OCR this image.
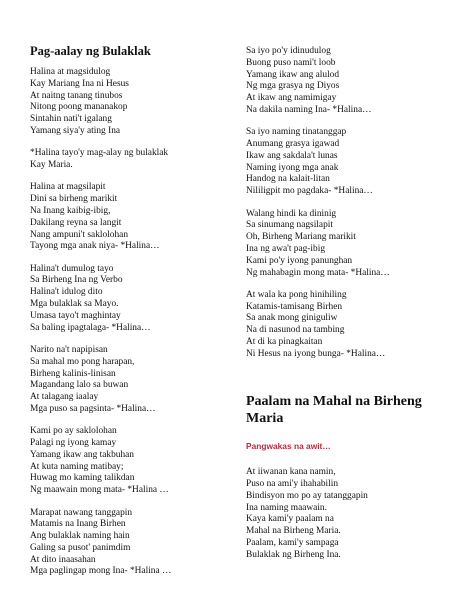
Pag-aalay ng Bulaklak
Halina at magsidulog
Kay Mariang Ina ni Hesus
At naitng tanang tinubos
Nitong poong mananakop
Sintahin nati't igalang
Yamang siya'y ating Ina
*Halina tayo'y mag-alay ng bulaklak
Kay Maria.
Halina at magsilapit
Dini sa birheng marikit
Na Inang kaibig-ibig,
Dakilang reyna sa langit
Nang ampuni't saklolohan
Tayong mga anak niya- *Halina…
Halina't dumulog tayo
Sa Birheng Ina ng Verbo
Halina't idulog dito
Mga bulaklak sa Mayo.
Umasa tayo't maghintay
Sa baling ipagtalaga- *Halina…
Narito na't napipisan
Sa mahal mo pong harapan,
Birheng kalinis-linisan
Magandang lalo sa buwan
At talagang iaalay
Mga puso sa pagsinta- *Halina…
Kami po ay saklolohan
Palagi ng iyong kamay
Yamang ikaw ang takbuhan
At kuta naming matibay;
Huwag mo kaming talikdan
Ng maawain mong mata- *Halina …
Marapat nawang tanggapin
Matamis na Inang Birhen
Ang bulaklak naming hain
Galing sa pusot' panimdim
At dito inaasahan
Mga paglingap mong Ina- *Halina …
Sa iyo po'y idinudulog
Buong puso nami't loob
Yamang ikaw ang alulod
Ng mga grasya ng Diyos
At ikaw ang namimigay
Na dakila naming Ina- *Halina…
Sa iyo naming tinatanggap
Anumang grasya igawad
Ikaw ang sakdala't lunas
Naming iyong mga anak
Handog na kalait-litan
Nililigpit mo pagdaka- *Halina…
Walang hindi ka dininig
Sa sinumang nagsilapit
Oh, Birheng Mariang marikit
Ina ng awa't pag-ibig
Kami po'y iyong panunghan
Ng mahabagin mong mata- *Halina…
At wala ka pong hinihiling
Katamis-tamisang Birhen
Sa anak mong giniguliw
Na di nasunod na tambing
At di ka pinagkaitan
Ni Hesus na iyong bunga- *Halina…
Paalam na Mahal na Birheng Maria
Pangwakas na awit…
At iiwanan kana namin,
Puso na ami'y ihahabilin
Bindisyon mo po ay tatanggapin
Ina naming maawain.
Kaya kami'y paalam na
Mahal na Birheng Maria.
Paalam, kami'y sampaga
Bulaklak ng Birheng Ina.
